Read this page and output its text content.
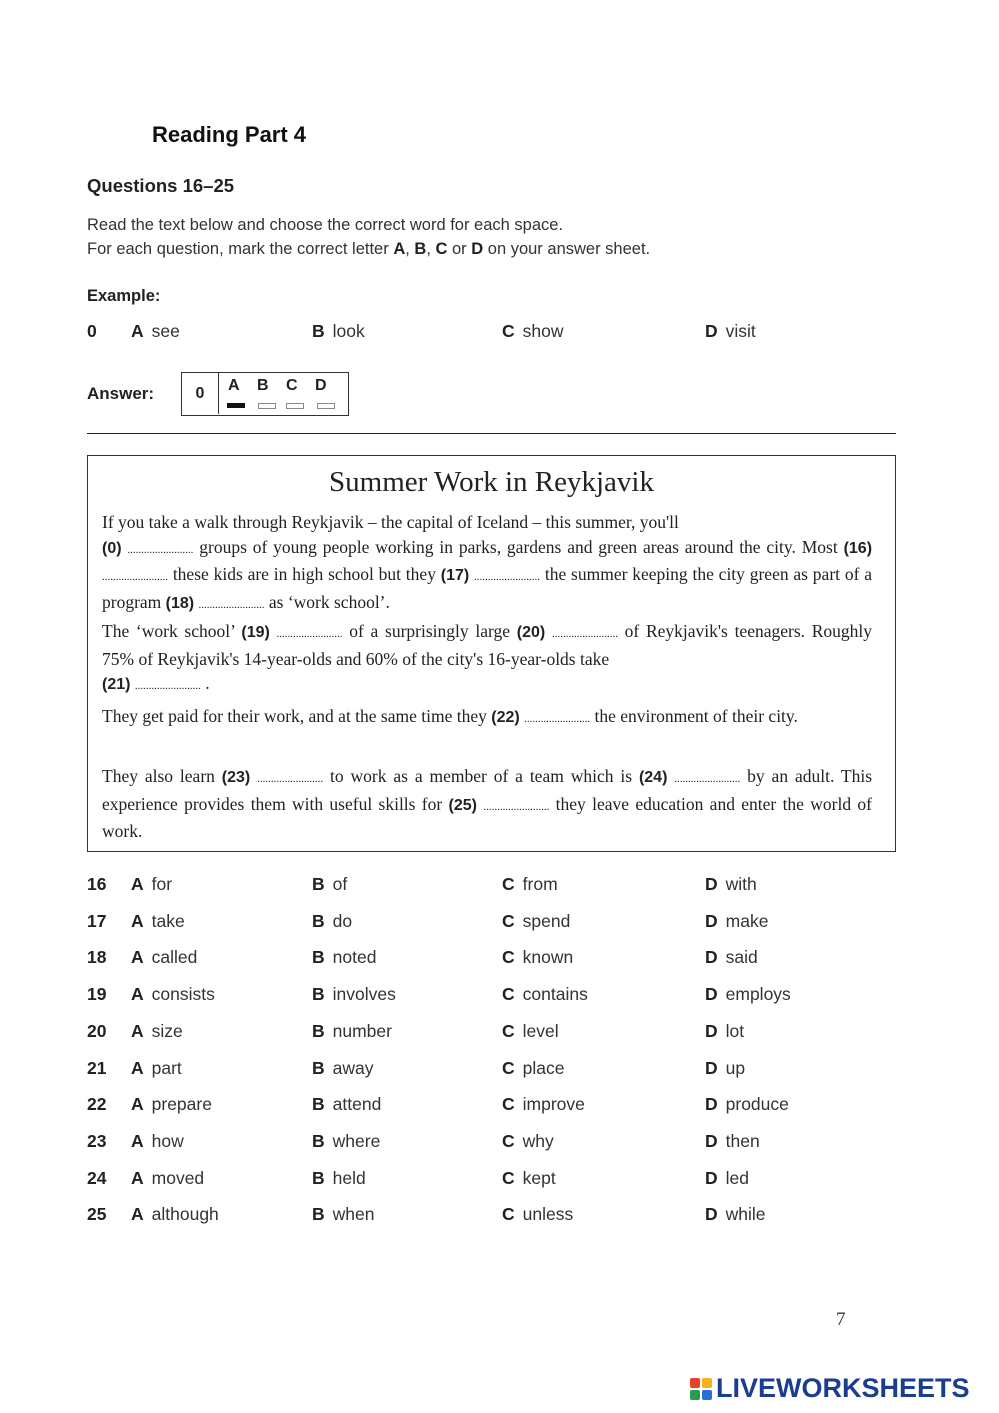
Reading Part 4
Questions 16–25
Read the text below and choose the correct word for each space.
For each question, mark the correct letter A, B, C or D on your answer sheet.
Example:
0 A see	B look	C show	D visit
Answer:	0	A B C D
Summer Work in Reykjavik
If you take a walk through Reykjavik – the capital of Iceland – this summer, you'll
(0) ........................ groups of young people working in parks, gardens and green areas around the city. Most (16) ........................ these kids are in high school but they (17) ........................ the summer keeping the city green as part of a program (18) ........................ as ‘work school’.
The ‘work school’ (19) ........................ of a surprisingly large (20) ........................ of Reykjavik's teenagers. Roughly 75% of Reykjavik's 14-year-olds and 60% of the city's 16-year-olds take
(21) ........................ .
They get paid for their work, and at the same time they (22) ........................ the environment of their city.
They also learn (23) ........................ to work as a member of a team which is (24) ........................ by an adult. This experience provides them with useful skills for (25) ........................ they leave education and enter the world of work.
16 A for	B of	C from	D with
17 A take	B do	C spend	D make
18 A called	B noted	C known	D said
19 A consists	B involves	C contains	D employs
20 A size	B number	C level	D lot
21 A part	B away	C place	D up
22 A prepare	B attend	C improve	D produce
23 A how	B where	C why	D then
24 A moved	B held	C kept	D led
25 A although	B when	C unless	D while
7
LIVEWORKSHEETS
